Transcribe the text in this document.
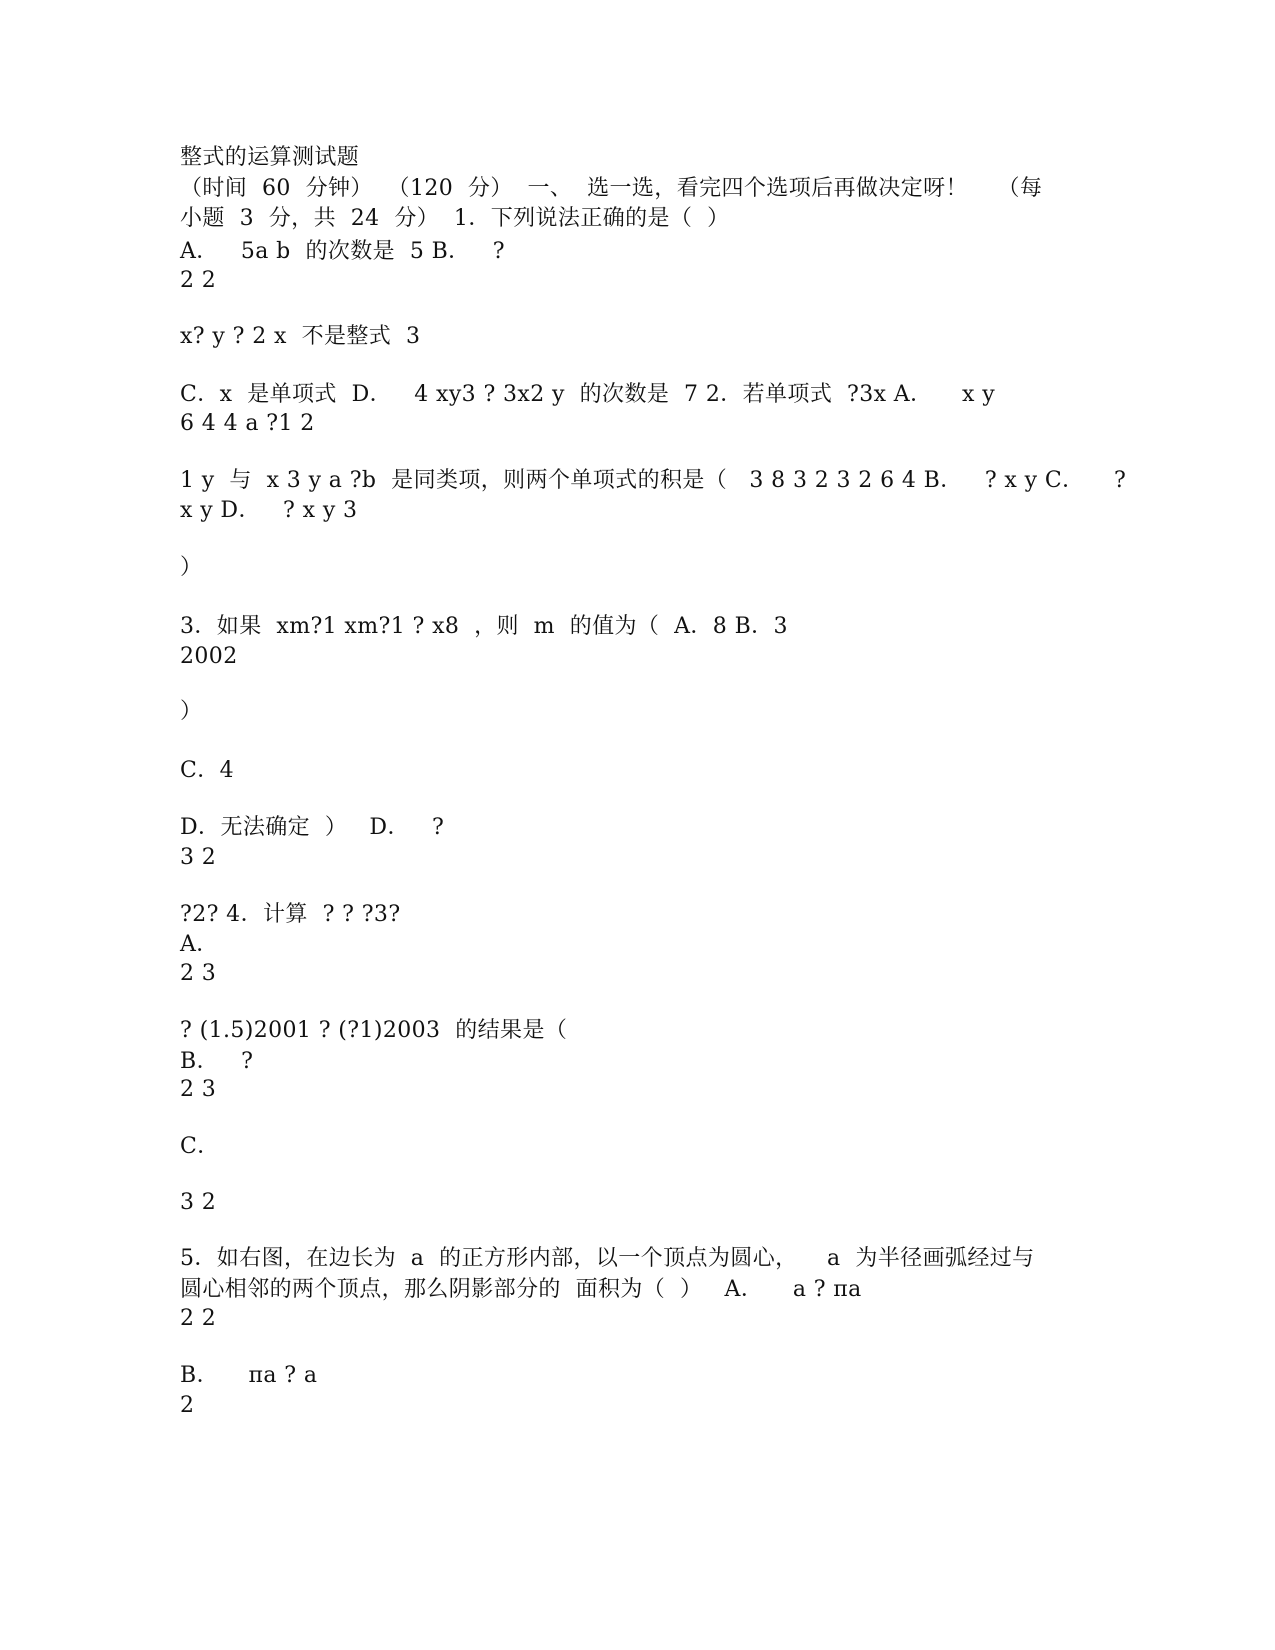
整式的运算测试题
（时间  60  分钟）  （120  分）  一、  选一选，看完四个选项后再做决定呀！    （每
小题  3  分，共  24  分）  1．下列说法正确的是（  ）
A．   5a b  的次数是  5 B．   ?
2 2
x? y ? 2 x  不是整式  3
C．x  是单项式  D．   4 xy3 ? 3x2 y  的次数是  7 2．若单项式  ?3x A．    x y
6 4 4 a ?1 2
1 y  与  x 3 y a ?b  是同类项，则两个单项式的积是（   3 8 3 2 3 2 6 4 B．   ? x y C．    ?
x y D．   ? x y 3
）
3．如果  xm?1 xm?1 ? x8  ，则  m  的值为（  A．8 B．3
2002
）
C．4
D．无法确定  ）   D．   ?
3 2
?2? 4．计算  ? ? ?3?
A．
2 3
? (1.5)2001 ? (?1)2003  的结果是（
B．   ?
2 3
C．
3 2
5．如右图，在边长为  a  的正方形内部，以一个顶点为圆心，    a  为半径画弧经过与
圆心相邻的两个顶点，那么阴影部分的  面积为（  ）   A．    a ? πa
2 2
B．    πa ? a
2
